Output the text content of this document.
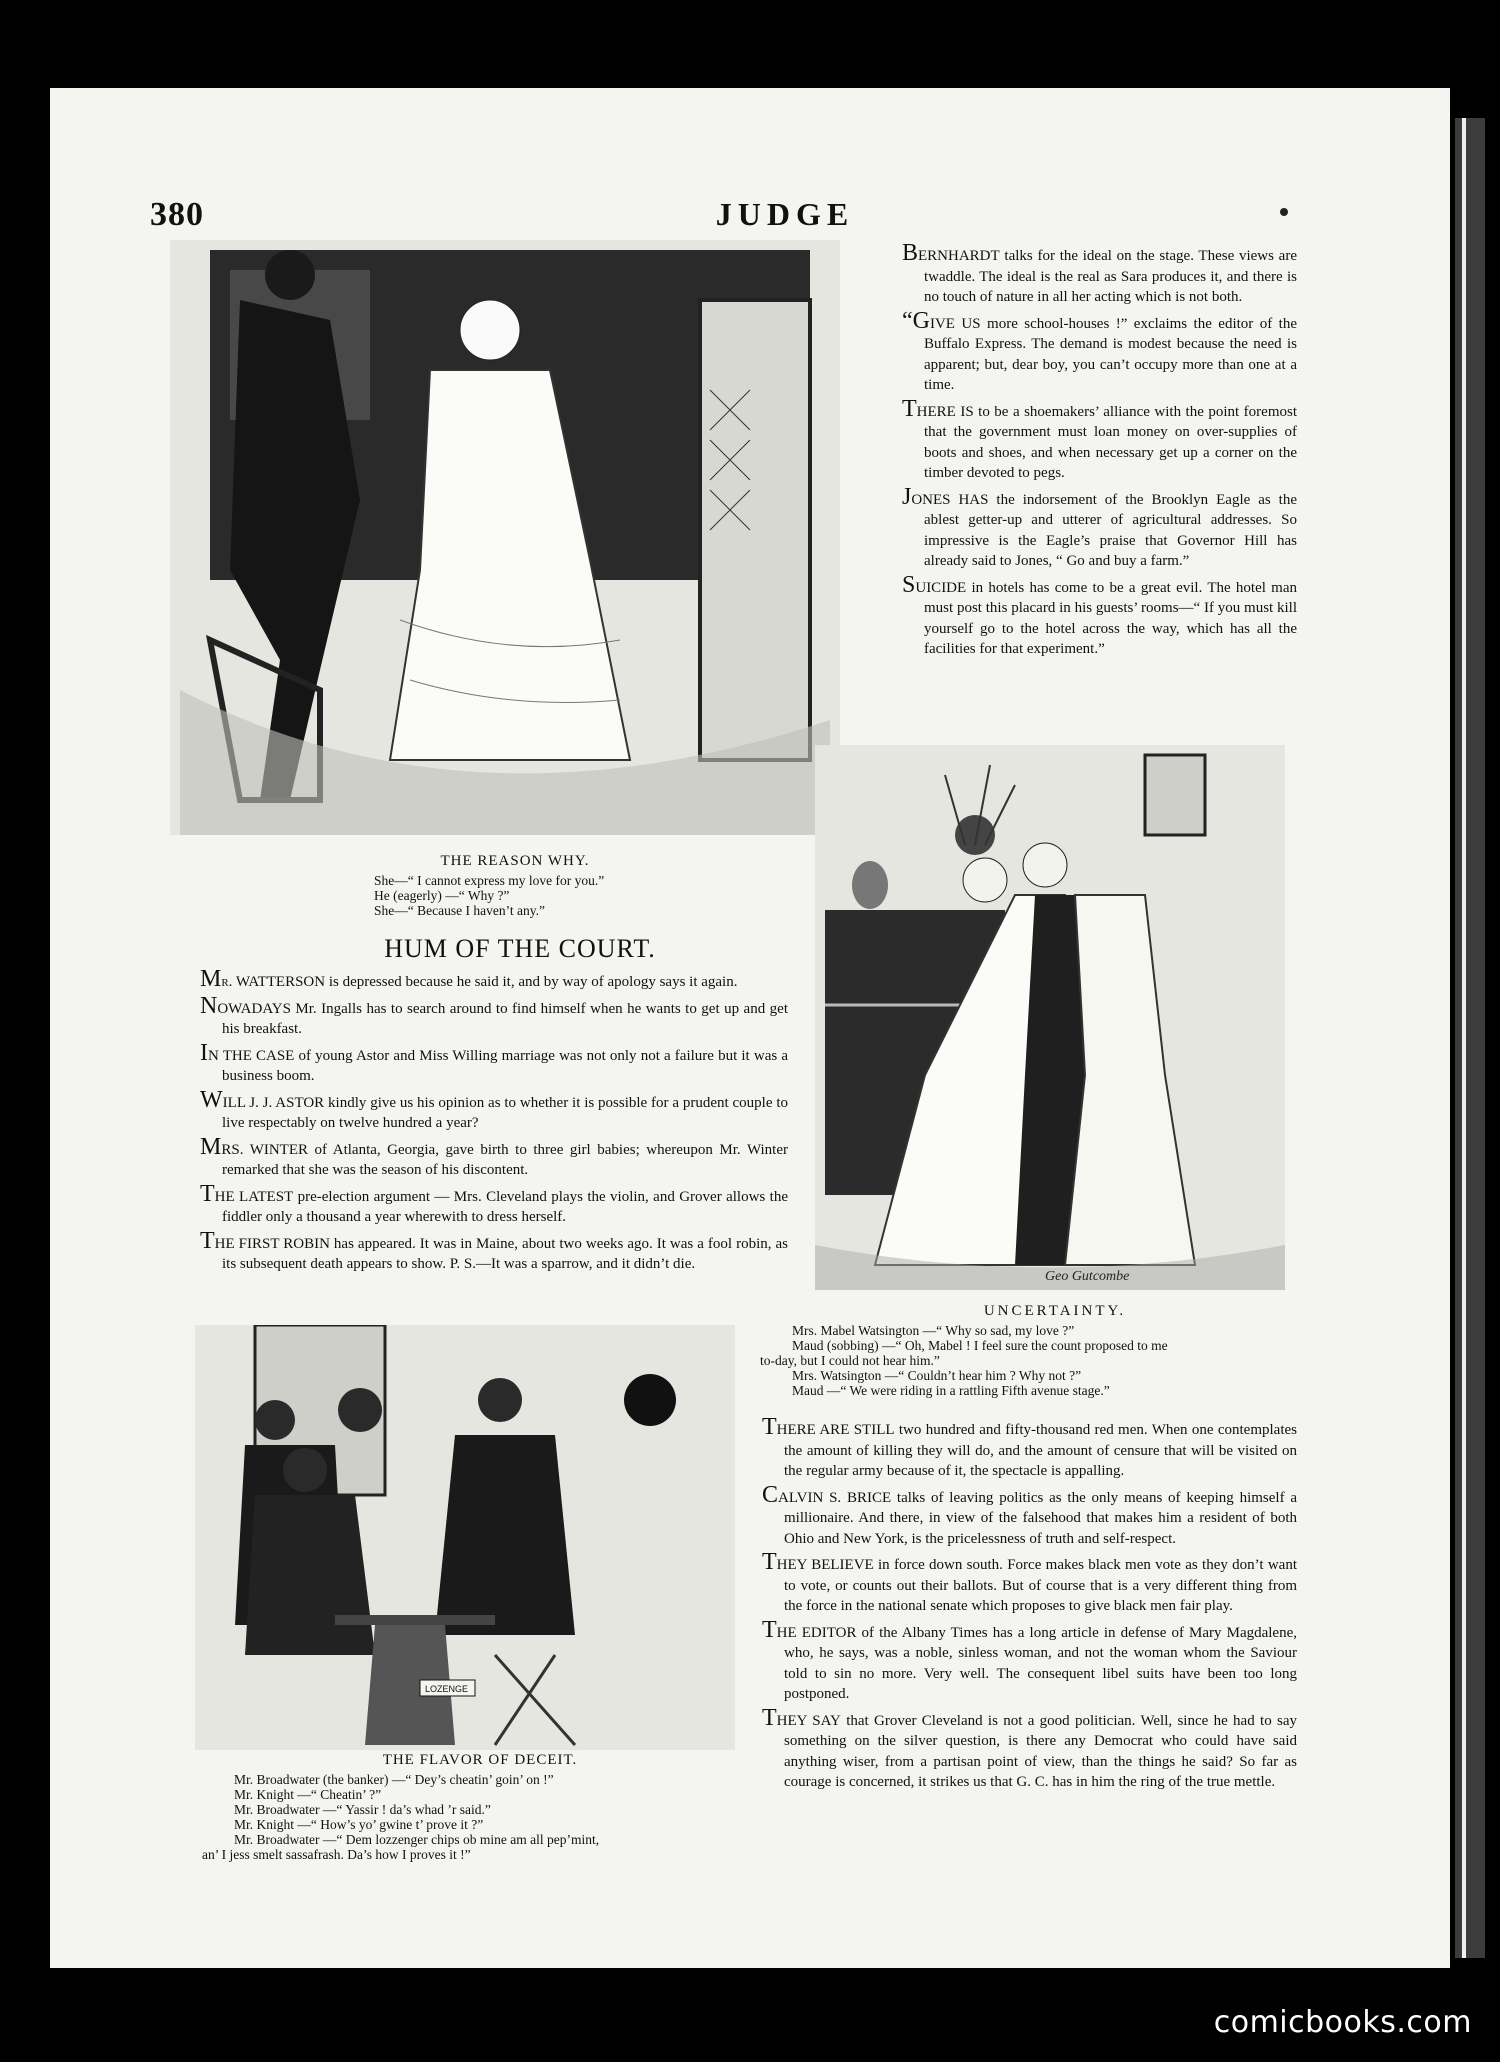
380	JUDGE
THE REASON WHY.
She—“ I cannot express my love for you.”
He (eagerly) —“ Why ?”
She—“ Because I haven’t any.”
HUM OF THE COURT.

Mr. WATTERSON is depressed because he said it, and by way of apology says it again.

NOWADAYS Mr. Ingalls has to search around to find himself when he wants to get up and get his breakfast.

IN THE CASE of young Astor and Miss Willing marriage was not only not a failure but it was a business boom.

WILL J. J. ASTOR kindly give us his opinion as to whether it is possible for a prudent couple to live respectably on twelve hundred a year?

MRS. WINTER of Atlanta, Georgia, gave birth to three girl babies; whereupon Mr. Winter remarked that she was the season of his discontent.

THE LATEST pre-election argument — Mrs. Cleveland plays the violin, and Grover allows the fiddler only a thousand a year wherewith to dress herself.

THE FIRST ROBIN has appeared. It was in Maine, about two weeks ago. It was a fool robin, as its subsequent death appears to show. P. S.—It was a sparrow, and it didn’t die.

BERNHARDT talks for the ideal on the stage. These views are twaddle. The ideal is the real as Sara produces it, and there is no touch of nature in all her acting which is not both.

“GIVE US more school-houses !” exclaims the editor of the Buffalo Express. The demand is modest because the need is apparent; but, dear boy, you can’t occupy more than one at a time.

THERE IS to be a shoemakers’ alliance with the point foremost that the government must loan money on over-supplies of boots and shoes, and when necessary get up a corner on the timber devoted to pegs.

JONES HAS the indorsement of the Brooklyn Eagle as the ablest getter-up and utterer of agricultural addresses. So impressive is the Eagle’s praise that Governor Hill has already said to Jones, “ Go and buy a farm.”

SUICIDE in hotels has come to be a great evil. The hotel man must post this placard in his guests’ rooms—“ If you must kill yourself go to the hotel across the way, which has all the facilities for that experiment.”

Geo Gutcombe
UNCERTAINTY.
Mrs. Mabel Watsington —“ Why so sad, my love ?”
Maud (sobbing) —“ Oh, Mabel ! I feel sure the count proposed to me
to-day, but I could not hear him.”
Mrs. Watsington —“ Couldn’t hear him ? Why not ?”
Maud —“ We were riding in a rattling Fifth avenue stage.”
LOZENGE
THE FLAVOR OF DECEIT.
Mr. Broadwater (the banker) —“ Dey’s cheatin’ goin’ on !”
Mr. Knight —“ Cheatin’ ?”
Mr. Broadwater —“ Yassir ! da’s whad ’r said.”
Mr. Knight —“ How’s yo’ gwine t’ prove it ?”
Mr. Broadwater —“ Dem lozzenger chips ob mine am all pep’mint,
an’ I jess smelt sassafrash. Da’s how I proves it !”

THERE ARE STILL two hundred and fifty-thousand red men. When one contemplates the amount of killing they will do, and the amount of censure that will be visited on the regular army because of it, the spectacle is appalling.

CALVIN S. BRICE talks of leaving politics as the only means of keeping himself a millionaire. And there, in view of the falsehood that makes him a resident of both Ohio and New York, is the pricelessness of truth and self-respect.

THEY BELIEVE in force down south. Force makes black men vote as they don’t want to vote, or counts out their ballots. But of course that is a very different thing from the force in the national senate which proposes to give black men fair play.

THE EDITOR of the Albany Times has a long article in defense of Mary Magdalene, who, he says, was a noble, sinless woman, and not the woman whom the Saviour told to sin no more. Very well. The consequent libel suits have been too long postponed.

THEY SAY that Grover Cleveland is not a good politician. Well, since he had to say something on the silver question, is there any Democrat who could have said anything wiser, from a partisan point of view, than the things he said? So far as courage is concerned, it strikes us that G. C. has in him the ring of the true mettle.

comicbooks.com
